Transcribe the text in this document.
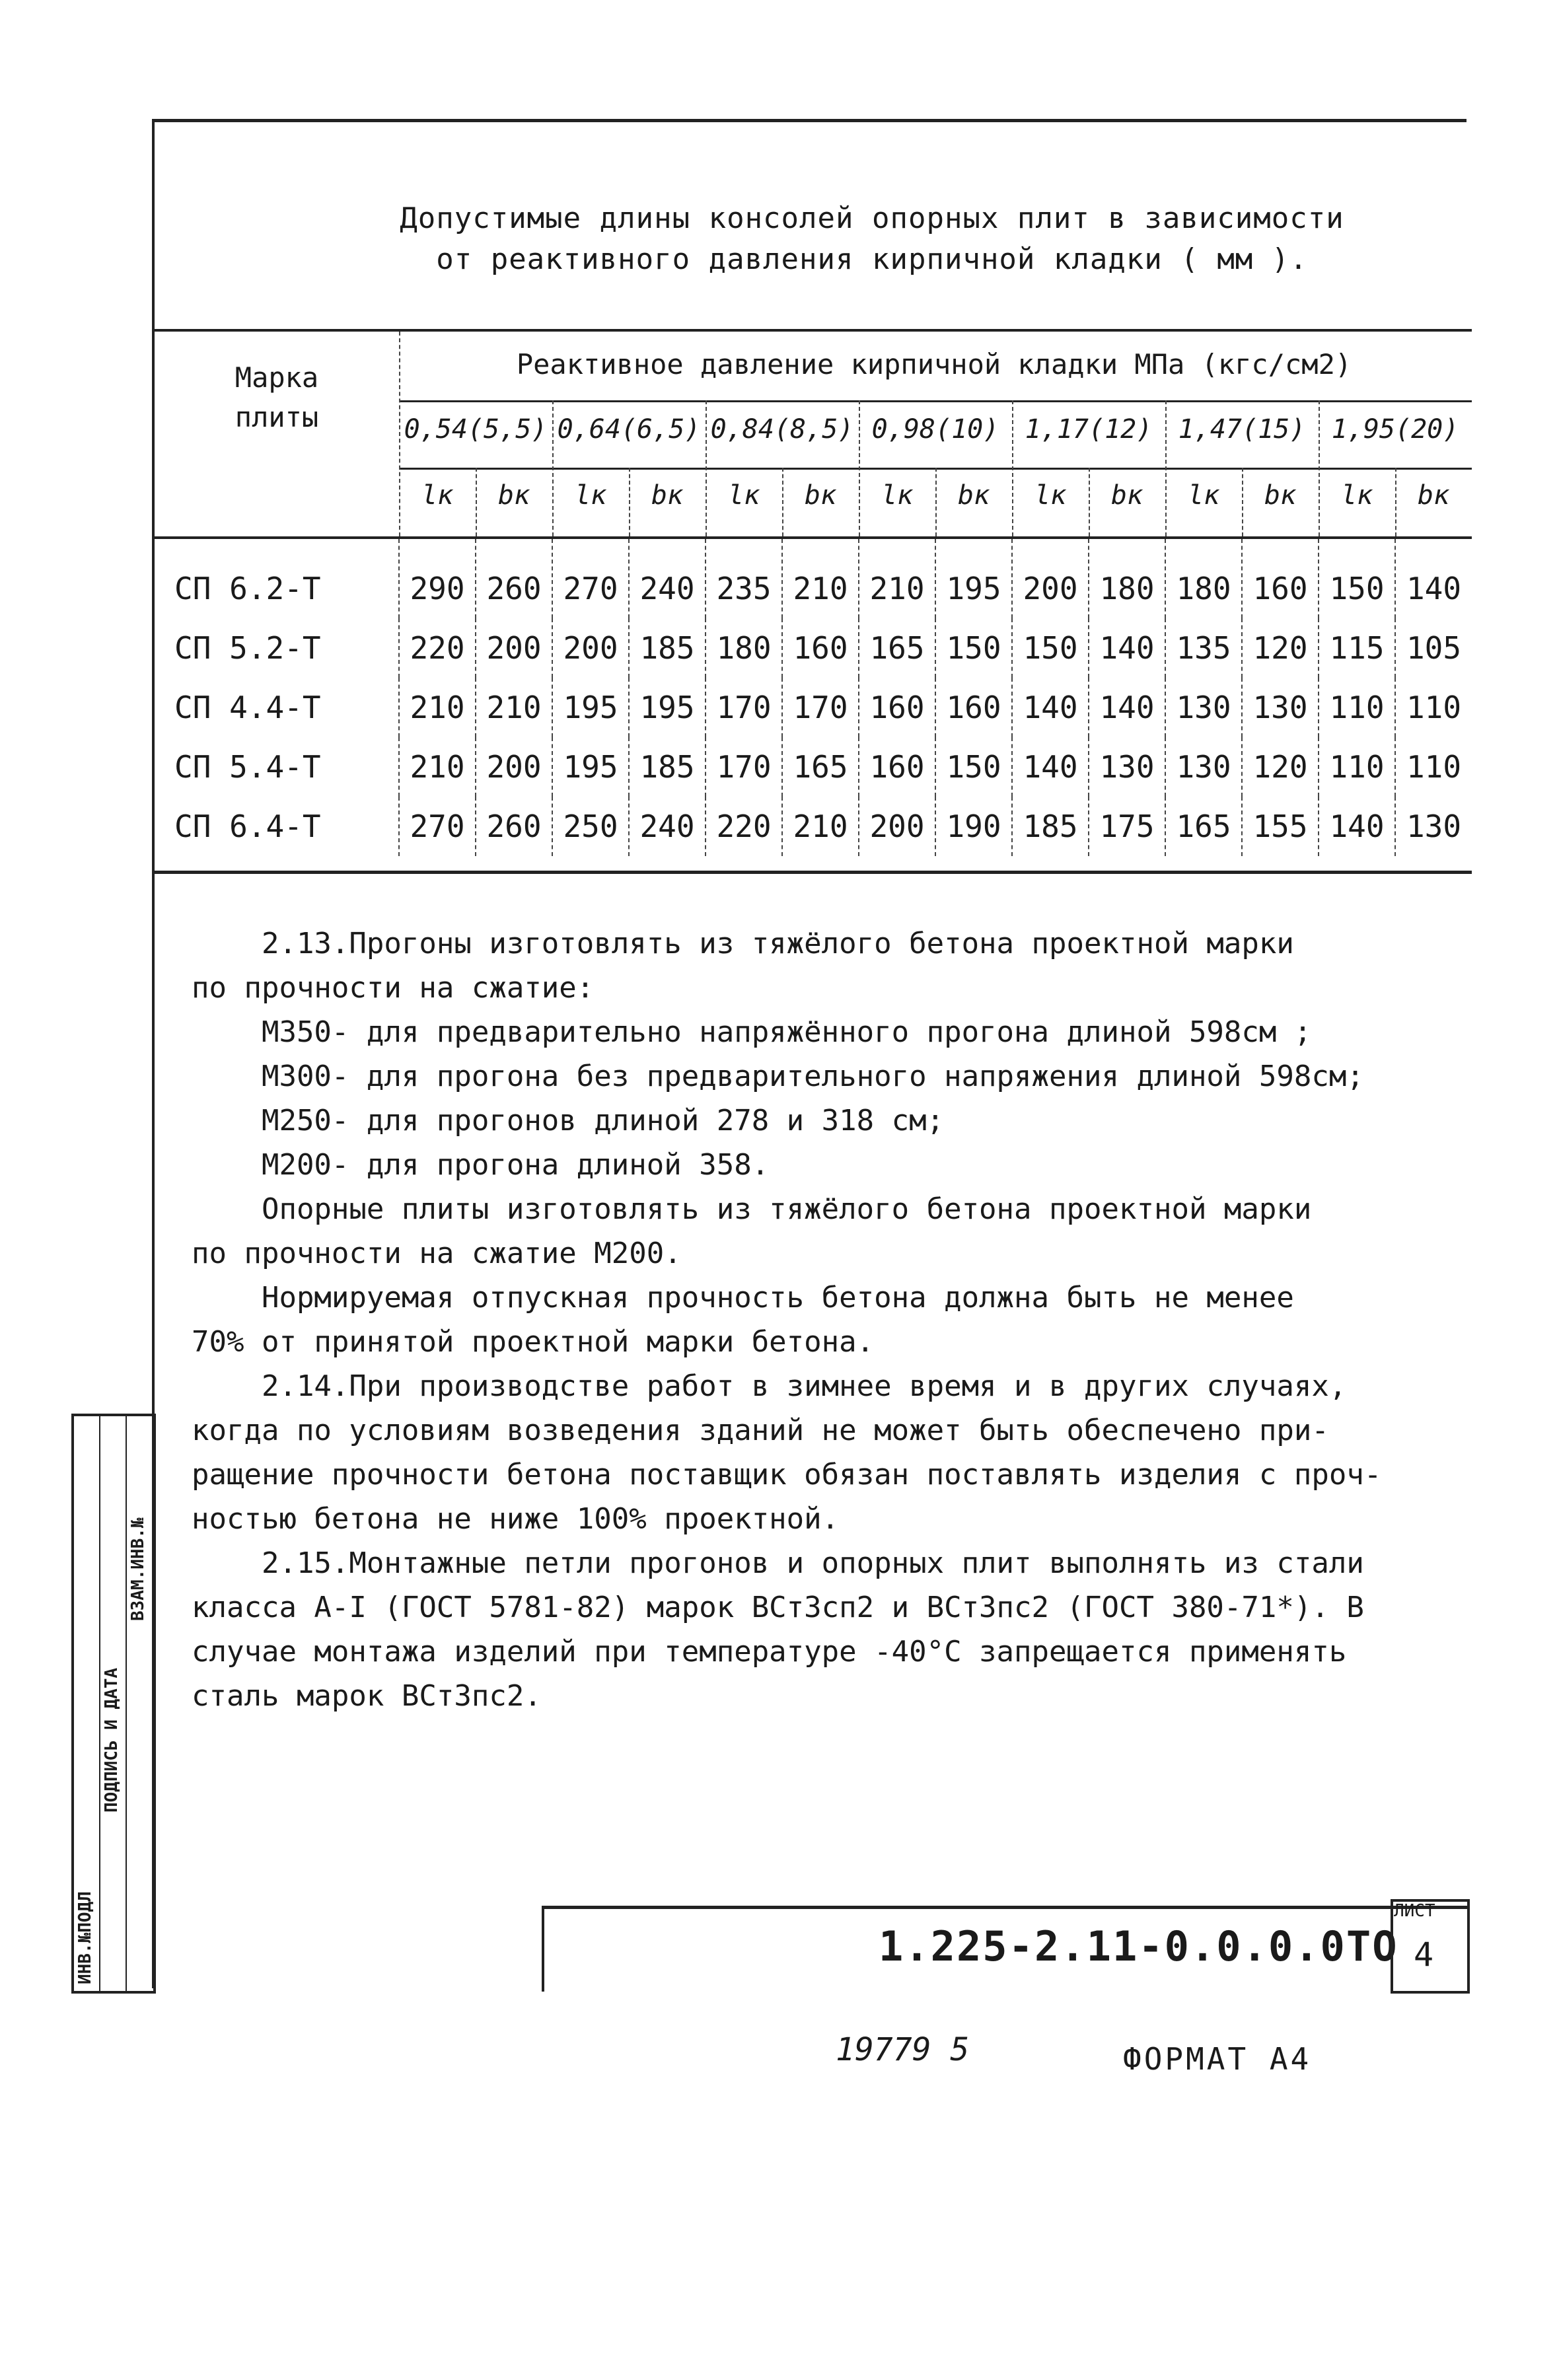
Допустимые длины консолей опорных плит в зависимости
от реактивного давления кирпичной кладки ( мм ).
Марка
плиты
Реактивное давление кирпичной кладки МПа (кгс/см2)
0,54(5,5) 0,64(6,5) 0,84(8,5) 0,98(10) 1,17(12) 1,47(15) 1,95(20)
lк	bк	lк	bк	lк	bк	lк	bк	lк	bк	lк	bк	lк	bк
СП 6.2-Т	290	260	270	240	235	210	210	195	200	180	180	160	150	140
СП 5.2-Т	220	200	200	185	180	160	165	150	150	140	135	120	115	105
СП 4.4-Т	210	210	195	195	170	170	160	160	140	140	130	130	110	110
СП 5.4-Т	210	200	195	185	170	165	160	150	140	130	130	120	110	110
СП 6.4-Т	270	260	250	240	220	210	200	190	185	175	165	155	140	130
2.13.Прогоны изготовлять из тяжёлого бетона проектной марки
по прочности на сжатие:
М350- для предварительно напряжённого прогона длиной 598см ;
М300- для прогона без предварительного напряжения длиной 598см;
М250- для прогонов длиной 278 и 318 см;
М200- для прогона длиной 358.
Опорные плиты изготовлять из тяжёлого бетона проектной марки
по прочности на сжатие М200.
Нормируемая отпускная прочность бетона должна быть не менее
70% от принятой проектной марки бетона.
2.14.При производстве работ в зимнее время и в других случаях,
когда по условиям возведения зданий не может быть обеспечено при-
ращение прочности бетона поставщик обязан поставлять изделия с проч-
ностью бетона не ниже 100% проектной.
2.15.Монтажные петли прогонов и опорных плит выполнять из стали
класса А-I (ГОСТ 5781-82) марок ВСт3сп2 и ВСт3пс2 (ГОСТ 380-71*). В
случае монтажа изделий при температуре -40°С запрещается применять
сталь марок ВСт3пс2.
ИНВ.№ПОДЛ
ПОДПИСЬ И ДАТА
ВЗАМ.ИНВ.№
1.225-2.11-0.0.0.0ТО
ЛИСТ
4
19779 5	ФОРМАТ А4
